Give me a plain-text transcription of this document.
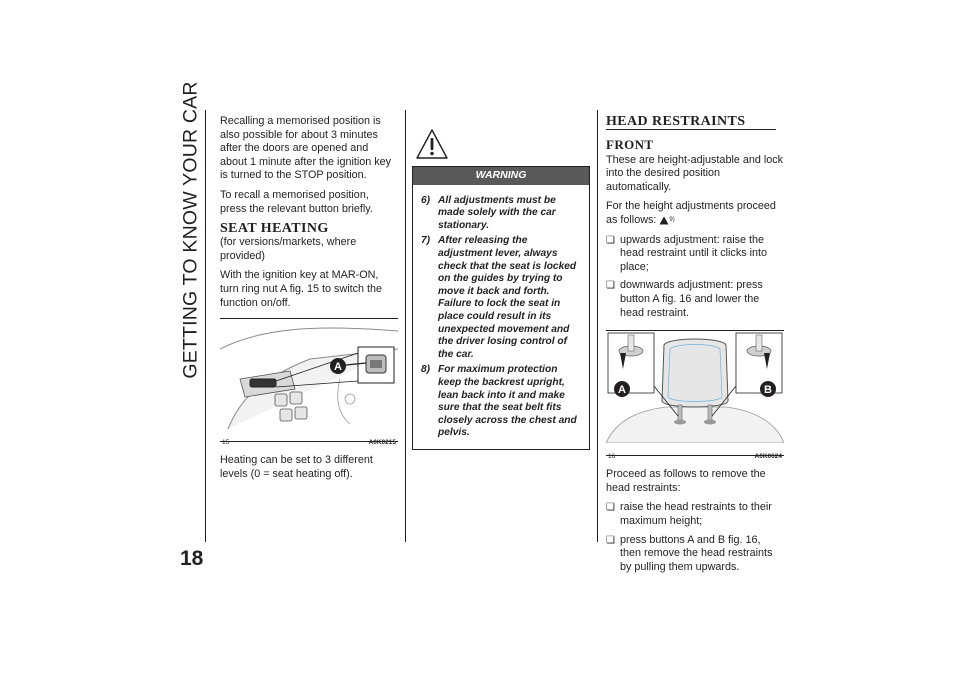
GETTING TO KNOW YOUR CAR
18

Recalling a memorised position is also possible for about 3 minutes after the doors are opened and about 1 minute after the ignition key is turned to the STOP position.

To recall a memorised position, press the relevant button briefly.

SEAT HEATING

(for versions/markets, where provided)

With the ignition key at MAR-ON, turn ring nut A fig. 15 to switch the function on/off.

A
15	A0K0215

Heating can be set to 3 different levels (0 = seat heating off).

WARNING
6) All adjustments must be made solely with the car stationary.
7) After releasing the adjustment lever, always check that the seat is locked on the guides by trying to move it back and forth. Failure to lock the seat in place could result in its unexpected movement and the driver losing control of the car.
8) For maximum protection keep the backrest upright, lean back into it and make sure that the seat belt fits closely across the chest and pelvis.
HEAD RESTRAINTS
FRONT

These are height-adjustable and lock into the desired position automatically.

For the height adjustments proceed as follows: $^{9)}$

❏ upwards adjustment: raise the head restraint until it clicks into place;
❏ downwards adjustment: press button A fig. 16 and lower the head restraint.
A	B
16	A0K0624

Proceed as follows to remove the head restraints:

❏ raise the head restraints to their maximum height;
❏ press buttons A and B fig. 16, then remove the head restraints by pulling them upwards.
